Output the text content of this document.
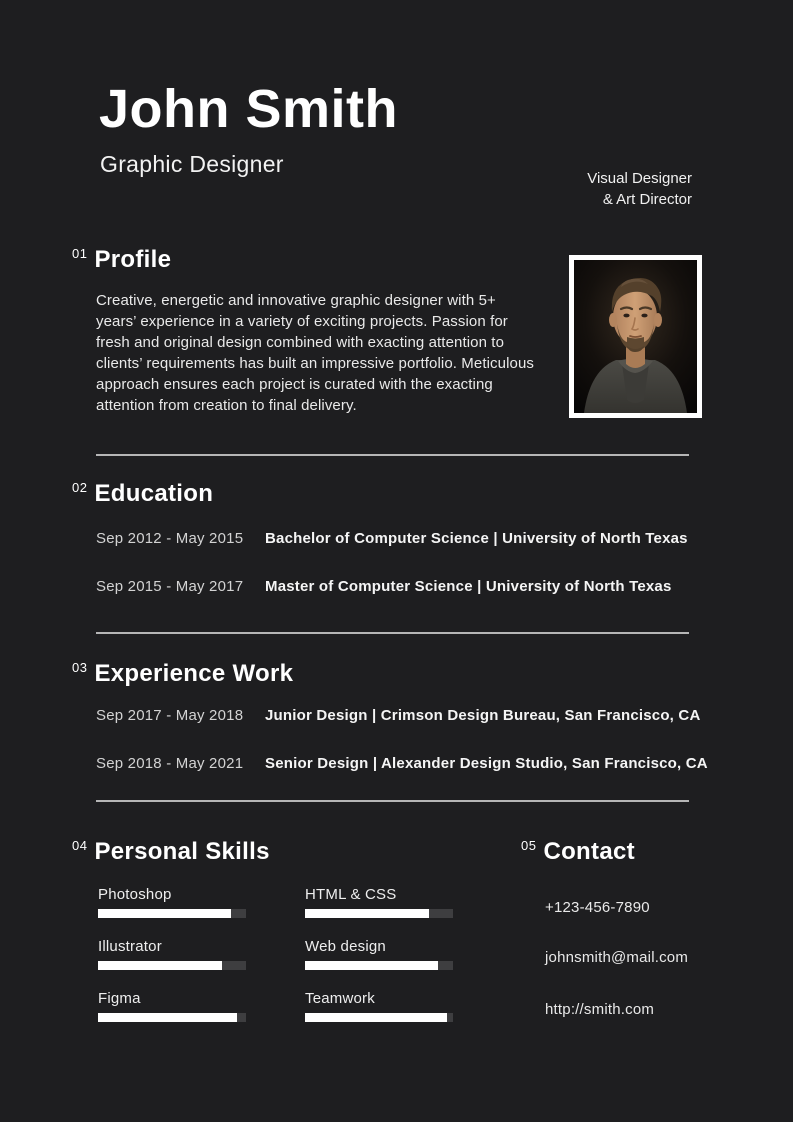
John Smith
Graphic Designer
Visual Designer
& Art Director
$^{01}$ Profile

Creative, energetic and innovative graphic designer with 5+ years’ experience in a variety of exciting projects. Passion for fresh and original design combined with exacting attention to clients’ requirements has built an impressive portfolio. Meticulous approach ensures each project is curated with the exacting attention from creation to final delivery.

$^{02}$ Education
Sep 2012 - May 2015	Bachelor of Computer Science | University of North Texas
Sep 2015 - May 2017	Master of Computer Science | University of North Texas
$^{03}$ Experience Work
Sep 2017 - May 2018	Junior Design | Crimson Design Bureau, San Francisco, CA
Sep 2018 - May 2021	Senior Design | Alexander Design Studio, San Francisco, CA
$^{04}$ Personal Skills
Photoshop
Illustrator
Figma
HTML & CSS
Web design
Teamwork
$^{05}$ Contact
+123-456-7890
johnsmith@mail.com
http://smith.com
